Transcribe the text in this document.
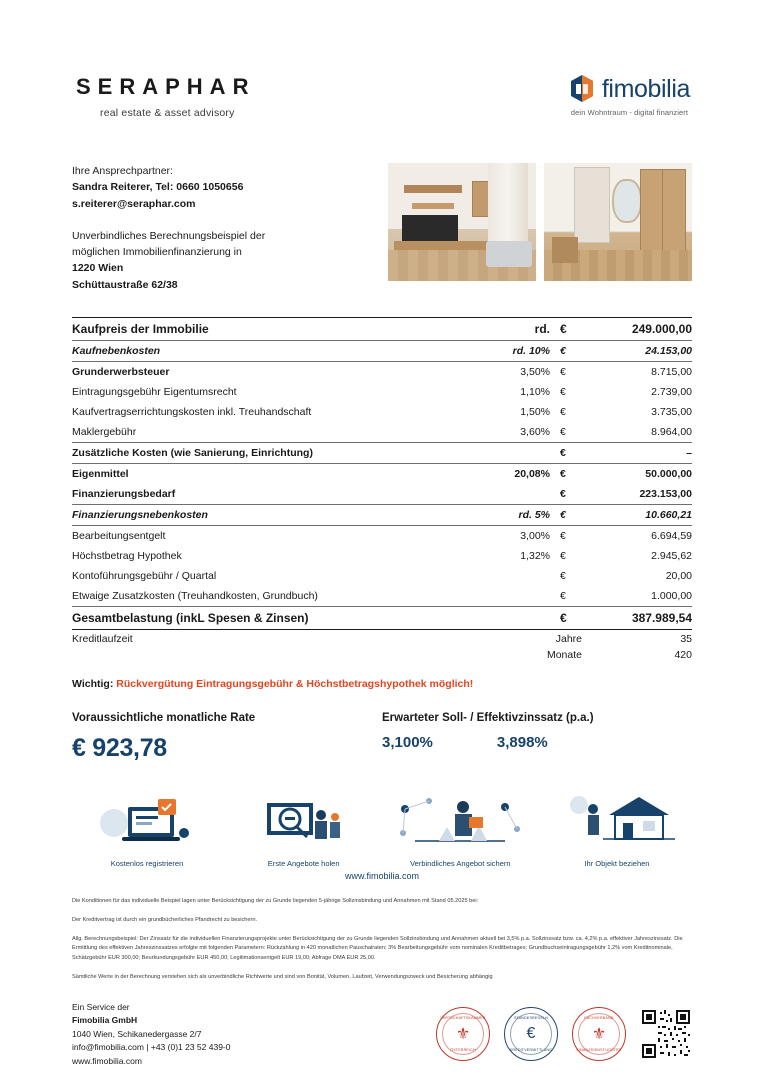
SERAPHAR
real estate & asset advisory
fimobilia
dein Wohntraum - digital finanziert
Ihre Ansprechpartner:
Sandra Reiterer, Tel: 0660 1050656
s.reiterer@seraphar.com
Unverbindliches Berechnungsbeispiel der
möglichen Immobilienfinanzierung in
1220 Wien
Schüttaustraße 62/38
Kaufpreis der Immobilie	rd.	€	249.000,00
Kaufnebenkosten	rd. 10%	€	24.153,00
Grunderwerbsteuer	3,50%	€	8.715,00
Eintragungsgebühr Eigentumsrecht	1,10%	€	2.739,00
Kaufvertragserrichtungskosten inkl. Treuhandschaft	1,50%	€	3.735,00
Maklergebühr	3,60%	€	8.964,00
Zusätzliche Kosten (wie Sanierung, Einrichtung)		€	–
Eigenmittel	20,08%	€	50.000,00
Finanzierungsbedarf		€	223.153,00
Finanzierungsnebenkosten	rd. 5%	€	10.660,21
Bearbeitungsentgelt	3,00%	€	6.694,59
Höchstbetrag Hypothek	1,32%	€	2.945,62
Kontoführungsgebühr / Quartal		€	20,00
Etwaige Zusatzkosten (Treuhandkosten, Grundbuch)		€	1.000,00
Gesamtbelastung (inkL Spesen & Zinsen)		€	387.989,54
Kreditlaufzeit	Jahre		35
	Monate		420
Wichtig: Rückvergütung Eintragungsgebühr & Höchstbetragshypothek möglich!
Voraussichtliche monatliche Rate
€ 923,78
Erwarteter Soll- / Effektivzinssatz (p.a.)
3,100%	3,898%
Kostenlos registrieren	Erste Angebote holen	Verbindliches Angebot sichern	Ihr Objekt beziehen
www.fimobilia.com

Die Konditionen für das individuelle Beispiel lagen unter Berücksichtigung der zu Grunde liegenden 5-jährige Sollzinsbindung und Annahmen mit Stand 05.2025 bei:

Der Kreditvertrag ist durch ein grundbücherliches Pfandrecht zu besichern.

Allg. Berechnungsbeispiel: Der Zinssatz für die individuellen Finanzierungsprojekte unter Berücksichtigung der zu Grunde liegenden Sollzinsbindung und Annahmen aktuell bei 3,5% p.a. Sollzinssatz bzw. ca. 4,2% p.a. effektiver Jahreszinssatz. Die Ermittlung des effektiven Jahreszinssatzes erfolgte mit folgenden Parametern: Rückzahlung in 420 monatlichen Pauschalraten; 3% Bearbeitungsgebühr vom nominalen Kreditbetrages; Grundbuchseintragungsgebühr 1,2% vom Kreditnominale, Schätzgebühr EUR 300,00; Beurkundungsgebühr EUR 450,00; Legitimationsentgelt EUR 19,00; Abfrage DMA EUR 25,00.

Sämtliche Werte in der Berechnung verstehen sich als unverbindliche Richtwerte und sind von Bonität, Volumen, Laufzeit, Verwendungszweck und Besicherung abhängig

Ein Service der
Fimobilia GmbH
1040 Wien, Schikanedergasse 2/7
info@fimobilia.com | +43 (0)1 23 52 439-0
www.fimobilia.com
WIRTSCHAFTSKAMMER
⚜
ÖSTERREICH
STANDESREGELN
€
KREDITVERMITTLUNG
FACHVERBAND
⚜
FINANZDIENSTLEISTER
